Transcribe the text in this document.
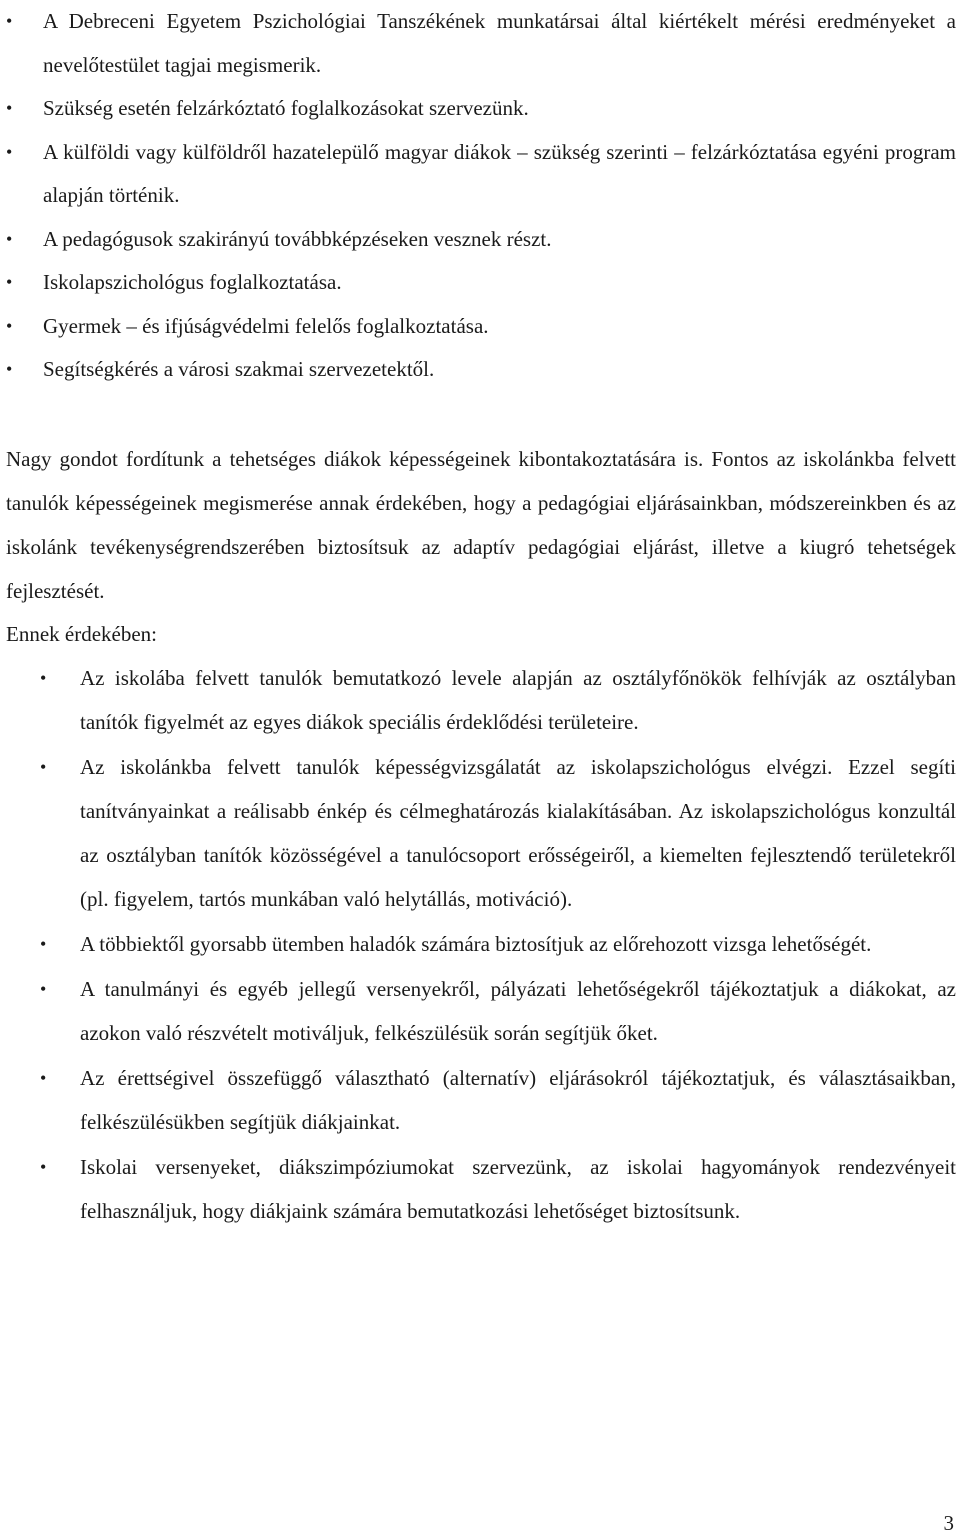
• A Debreceni Egyetem Pszichológiai Tanszékének munkatársai által kiértékelt mérési eredményeket a nevelőtestület tagjai megismerik.
• Szükség esetén felzárkóztató foglalkozásokat szervezünk.
• A külföldi vagy külföldről hazatelepülő magyar diákok – szükség szerinti – felzárkóztatása egyéni program alapján történik.
• A pedagógusok szakirányú továbbképzéseken vesznek részt.
• Iskolapszichológus foglalkoztatása.
• Gyermek – és ifjúságvédelmi felelős foglalkoztatása.
• Segítségkérés a városi szakmai szervezetektől.

Nagy gondot fordítunk a tehetséges diákok képességeinek kibontakoztatására is. Fontos az iskolánkba felvett tanulók képességeinek megismerése annak érdekében, hogy a pedagógiai eljárásainkban, módszereinkben és az iskolánk tevékenységrendszerében biztosítsuk az adaptív pedagógiai eljárást, illetve a kiugró tehetségek fejlesztését.

Ennek érdekében:

• Az iskolába felvett tanulók bemutatkozó levele alapján az osztályfőnökök felhívják az osztályban tanítók figyelmét az egyes diákok speciális érdeklődési területeire.
• Az iskolánkba felvett tanulók képességvizsgálatát az iskolapszichológus elvégzi. Ezzel segíti tanítványainkat a reálisabb énkép és célmeghatározás kialakításában. Az iskolapszichológus konzultál az osztályban tanítók közösségével a tanulócsoport erősségeiről, a kiemelten fejlesztendő területekről (pl. figyelem, tartós munkában való helytállás, motiváció).
• A többiektől gyorsabb ütemben haladók számára biztosítjuk az előrehozott vizsga lehetőségét.
• A tanulmányi és egyéb jellegű versenyekről, pályázati lehetőségekről tájékoztatjuk a diákokat, az azokon való részvételt motiváljuk, felkészülésük során segítjük őket.
• Az érettségivel összefüggő választható (alternatív) eljárásokról tájékoztatjuk, és választásaikban, felkészülésükben segítjük diákjainkat.
• Iskolai versenyeket, diákszimpóziumokat szervezünk, az iskolai hagyományok rendezvényeit felhasználjuk, hogy diákjaink számára bemutatkozási lehetőséget biztosítsunk.
3
